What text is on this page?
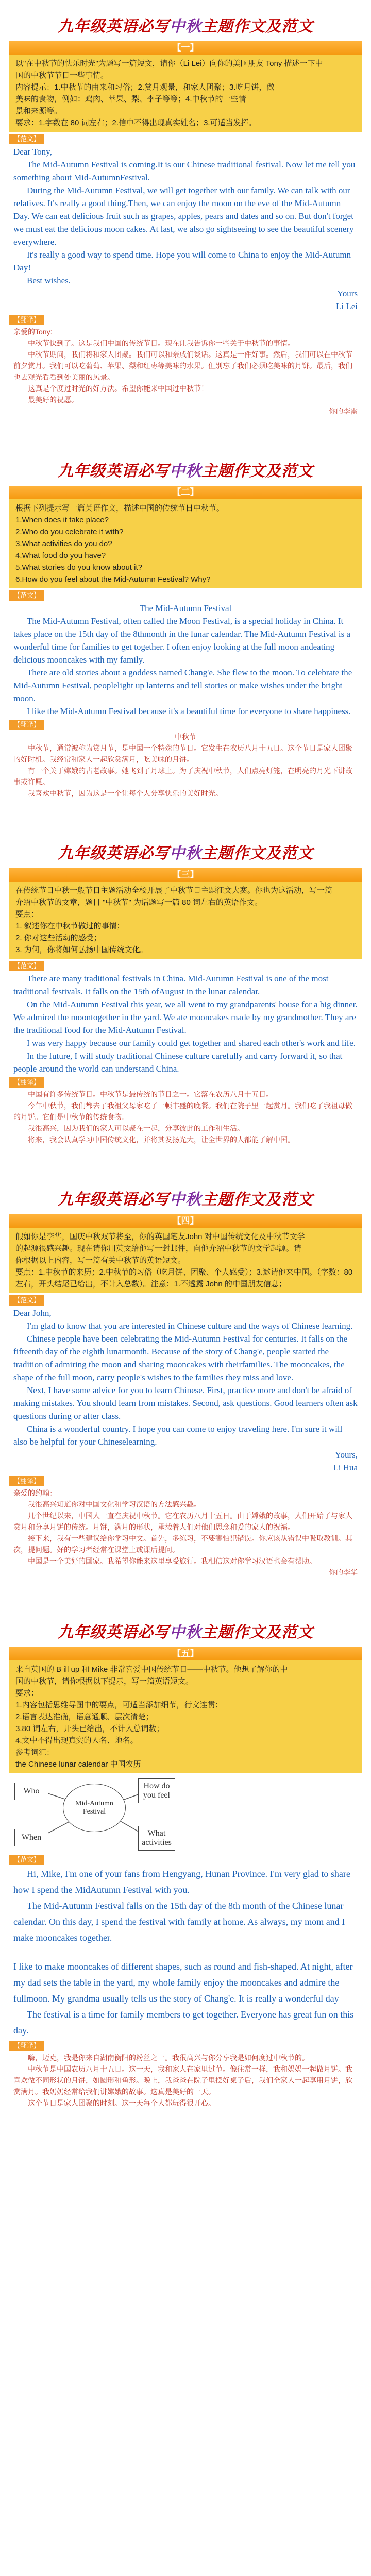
九年级英语必写中秋主题作文及范文
【一】
以"在中秋节的快乐时光"为题写一篇短文，请你（Li Lei）向你的美国朋友 Tony 描述一下中
国的中秋节节日一些事情。
内容提示：1.中秋节的由来和习俗；2.赏月观景，和家人团聚；3.吃月饼，做
美味的食物，例如：鸡肉、苹果、梨、李子等等；4.中秋节的一些情
景和来源等。
要求：1.字数在 80 词左右；2.信中不得出现真实姓名；3.可适当发挥。
【范文】

Dear Tony,

The Mid-Autumn Festival is coming.It is our Chinese traditional festival. Now let me tell you something about Mid-AutumnFestival.

During the Mid-Autumn Festival, we will get together with our family. We can talk with our relatives. It's really a good thing.Then, we can enjoy the moon on the eve of the Mid-Autumn Day. We can eat delicious fruit such as grapes, apples, pears and dates and so on. But don't forget we must eat the delicious moon cakes. At last, we also go sightseeing to see the beautiful scenery everywhere.

It's really a good way to spend time. Hope you will come to China to enjoy the Mid-Autumn Day!

Best wishes.

Yours

Li Lei

【翻译】

亲爱的Tony:

中秋节快到了。这是我们中国的传统节日。现在让我告诉你一些关于中秋节的事情。

中秋节期间，我们将和家人团聚。我们可以和亲戚们谈话。这真是一件好事。然后，我们可以在中秋节前夕赏月。我们可以吃葡萄、苹果、梨和红枣等美味的水果。但别忘了我们必须吃美味的月饼。最后，我们也去观光看看到处美丽的风景。

这真是个度过时光的好方法。希望你能来中国过中秋节！

最美好的祝愿。

你的李雷

九年级英语必写中秋主题作文及范文
【二】
根据下列提示写一篇英语作文，描述中国的传统节日中秋节。
1.When does it take place?
2.Who do you celebrate it with?
3.What activities do you do?
4.What food do you have?
5.What stories do you know about it?
6.How do you feel about the Mid-Autumn Festival? Why?
【范文】

The Mid-Autumn Festival

The Mid-Autumn Festival, often called the Moon Festival, is a special holiday in China. It takes place on the 15th day of the 8thmonth in the lunar calendar. The Mid-Autumn Festival is a wonderful time for families to get together. I often enjoy looking at the full moon andeating delicious mooncakes with my family.

There are old stories about a goddess named Chang'e. She flew to the moon. To celebrate the Mid-Autumn Festival, peoplelight up lanterns and tell stories or make wishes under the bright moon.

I like the Mid-Autumn Festival because it's a beautiful time for everyone to share happiness.

【翻译】

中秋节

中秋节，通常被称为赏月节，是中国一个特殊的节日。它发生在农历八月十五日。这个节日是家人团聚的好时机。我经常和家人一起欣赏满月，吃美味的月饼。

有一个关于嫦娥的古老故事。她飞到了月球上。为了庆祝中秋节，人们点亮灯笼，在明亮的月光下讲故事或许愿。

我喜欢中秋节，因为这是一个让每个人分享快乐的美好时光。

九年级英语必写中秋主题作文及范文
【三】
在传统节日中秋一般节日主题活动全校开展了中秋节日主题征文大赛。你也为这活动，写一篇
介绍中秋节的文章，题目 "中秋节" 为话题写一篇 80 词左右的英语作文。
要点：
1. 叙述你在中秋节做过的事情；
2. 你对这些活动的感受；
3. 为何，你将如何弘扬中国传统文化。
【范文】

There are many traditional festivals in China. Mid-Autumn Festival is one of the most traditional festivals. It falls on the 15th ofAugust in the lunar calendar.

On the Mid-Autumn Festival this year, we all went to my grandparents' house for a big dinner. We admired the moontogether in the yard. We ate mooncakes made by my grandmother. They are the traditional food for the Mid-Autumn Festival.

I was very happy because our family could get together and shared each other's work and life.

In the future, I will study traditional Chinese culture carefully and carry forward it, so that people around the world can understand China.

【翻译】

中国有许多传统节日。中秋节是最传统的节日之一。它落在农历八月十五日。

今年中秋节，我们都去了我祖父母家吃了一顿丰盛的晚餐。我们在院子里一起赏月。我们吃了我祖母做的月饼。它们是中秋节的传统食物。

我很高兴，因为我们的家人可以聚在一起，分享彼此的工作和生活。

将来，我会认真学习中国传统文化，并将其发扬光大，让全世界的人都能了解中国。

九年级英语必写中秋主题作文及范文
【四】
假如你是李华，国庆中秋双节将至，你的英国笔友John 对中国传统文化及中秋节文学
的起源很感兴趣。现在请你用英文给他写一封邮件，向他介绍中秋节的文学起源。请
你根据以上内容，写一篇有关中秋节的英语短文。
要点：1.中秋节的来历；2.中秋节的习俗（吃月饼、团聚、个人感受）；3.邀请他来中国。（字数：80 左右，开头结尾已给出，不计入总数）。注意：1.不透露 John 的中国朋友信息；
【范文】

Dear John,

I'm glad to know that you are interested in Chinese culture and the ways of Chinese learning.

Chinese people have been celebrating the Mid-Autumn Festival for centuries. It falls on the fifteenth day of the eighth lunarmonth. Because of the story of Chang'e, people started the tradition of admiring the moon and sharing mooncakes with theirfamilies. The mooncakes, the shape of the full moon, carry people's wishes to the families they miss and love.

Next, I have some advice for you to learn Chinese. First, practice more and don't be afraid of making mistakes. You should learn from mistakes. Second, ask questions. Good learners often ask questions during or after class.

China is a wonderful country. I hope you can come to enjoy traveling here. I'm sure it will also be helpful for your Chineselearning.

Yours,

Li Hua

【翻译】

亲爱的约翰：

我很高兴知道你对中国文化和学习汉语的方法感兴趣。

几个世纪以来，中国人一直在庆祝中秋节。它在农历八月十五日。由于嫦娥的故事，人们开始了与家人赏月和分享月饼的传统。月饼，满月的形状，承载着人们对他们思念和爱的家人的祝福。

接下来，我有一些建议给你学习中文。首先，多练习，不要害怕犯错误。你应该从错误中吸取教训。其次，提问题。好的学习者经常在课堂上或课后提问。

中国是一个美好的国家。我希望你能来这里享受旅行。我相信这对你学习汉语也会有帮助。

你的李华

九年级英语必写中秋主题作文及范文
【五】
来自英国的 B ill up 和 Mike 非常喜爱中国传统节日——中秋节。他想了解你的中
国的中秋节，请你根据以下提示，写一篇英语短文。
要求：
1.内容包括思维导图中的要点，可适当添加细节，行文连贯；
2.语言表达准确，语意通顺、层次清楚；
3.80 词左右，开头已给出，不计入总词数；
4.文中不得出现真实的人名、地名。
参考词汇：
the Chinese lunar calendar 中国农历
Who
When
How do you feel
What activities
Mid-Autumn Festival
【范文】

Hi, Mike, I'm one of your fans from Hengyang, Hunan Province. I'm very glad to share how I spend the MidAutumn Festival with you.

The Mid-Autumn Festival falls on the 15th day of the 8th month of the Chinese lunar calendar. On this day, I spend the festival with family at home. As always, my mom and I make mooncakes together.

I like to make mooncakes of different shapes, such as round and fish-shaped. At night, after my dad sets the table in the yard, my whole family enjoy the mooncakes and admire the fullmoon. My grandma usually tells us the story of Chang'e. It is really a wonderful day

The festival is a time for family members to get together. Everyone has great fun on this day.

【翻译】

嗨，迈克，我是你来自湖南衡阳的粉丝之一。我很高兴与你分享我是如何度过中秋节的。

中秋节是中国农历八月十五日。这一天，我和家人在家里过节。像往常一样，我和妈妈一起做月饼。我喜欢做不同形状的月饼，如圆形和鱼形。晚上，我爸爸在院子里摆好桌子后，我们全家人一起享用月饼，欣赏满月。我奶奶经常给我们讲嫦娥的故事。这真是美好的一天。

这个节日是家人团聚的时刻。这一天每个人都玩得很开心。
